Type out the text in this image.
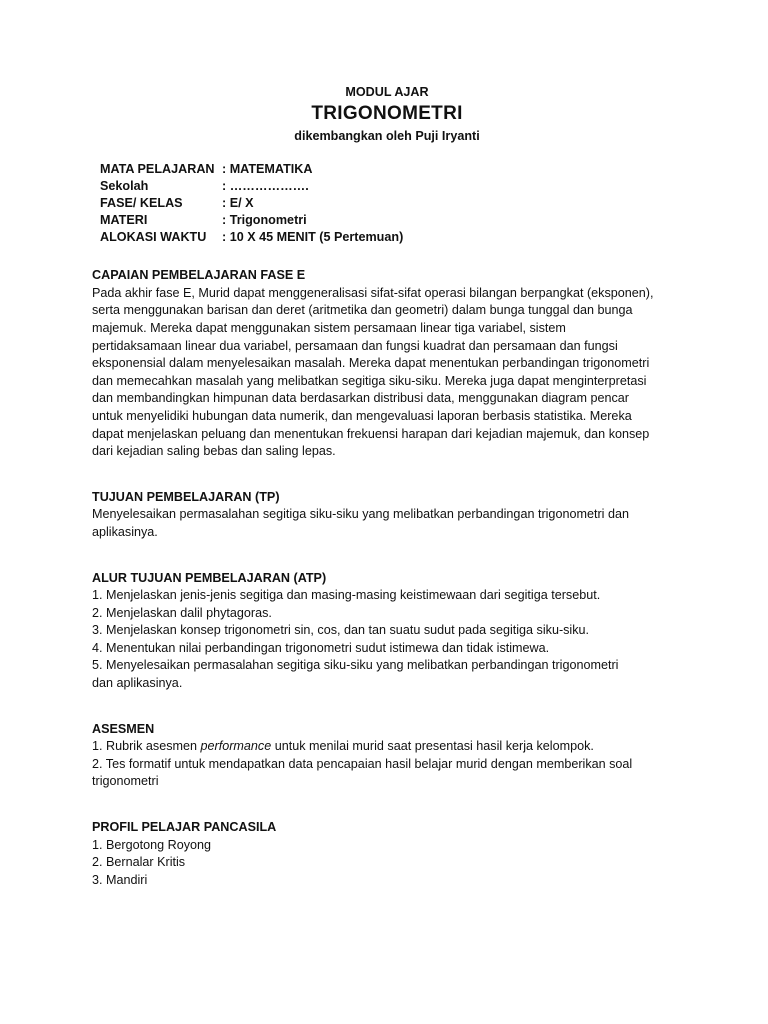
MODUL AJAR
TRIGONOMETRI
dikembangkan oleh Puji Iryanti
MATA PELAJARAN : MATEMATIKA
Sekolah	: ……………….
FASE/ KELAS	: E/ X
MATERI	: Trigonometri
ALOKASI WAKTU	: 10 X 45 MENIT (5 Pertemuan)
CAPAIAN PEMBELAJARAN FASE E
Pada akhir fase E, Murid dapat menggeneralisasi sifat-sifat operasi bilangan berpangkat (eksponen),
serta menggunakan barisan dan deret (aritmetika dan geometri) dalam bunga tunggal dan bunga
majemuk. Mereka dapat menggunakan sistem persamaan linear tiga variabel, sistem
pertidaksamaan linear dua variabel, persamaan dan fungsi kuadrat dan persamaan dan fungsi
eksponensial dalam menyelesaikan masalah. Mereka dapat menentukan perbandingan trigonometri
dan memecahkan masalah yang melibatkan segitiga siku-siku. Mereka juga dapat menginterpretasi
dan membandingkan himpunan data berdasarkan distribusi data, menggunakan diagram pencar
untuk menyelidiki hubungan data numerik, dan mengevaluasi laporan berbasis statistika. Mereka
dapat menjelaskan peluang dan menentukan frekuensi harapan dari kejadian majemuk, dan konsep
dari kejadian saling bebas dan saling lepas.
TUJUAN PEMBELAJARAN (TP)
Menyelesaikan permasalahan segitiga siku-siku yang melibatkan perbandingan trigonometri dan
aplikasinya.
ALUR TUJUAN PEMBELAJARAN (ATP)
1. Menjelaskan jenis-jenis segitiga dan masing-masing keistimewaan dari segitiga tersebut.
2. Menjelaskan dalil phytagoras.
3. Menjelaskan konsep trigonometri sin, cos, dan tan suatu sudut pada segitiga siku-siku.
4. Menentukan nilai perbandingan trigonometri sudut istimewa dan tidak istimewa.
5. Menyelesaikan permasalahan segitiga siku-siku yang melibatkan perbandingan trigonometri
dan aplikasinya.
ASESMEN
1. Rubrik asesmen performance untuk menilai murid saat presentasi hasil kerja kelompok.
2. Tes formatif untuk mendapatkan data pencapaian hasil belajar murid dengan memberikan soal
trigonometri
PROFIL PELAJAR PANCASILA
1. Bergotong Royong
2. Bernalar Kritis
3. Mandiri
